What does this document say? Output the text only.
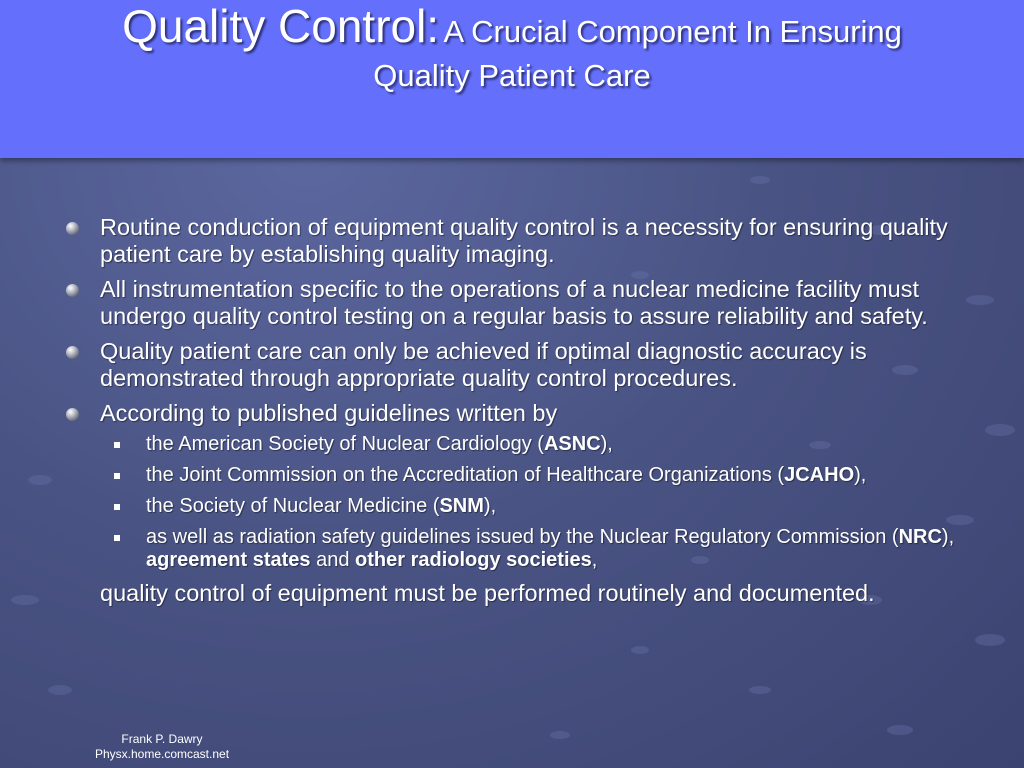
Quality Control: A Crucial Component In Ensuring
Quality Patient Care
Routine conduction of equipment quality control is a necessity for ensuring quality patient care by establishing quality imaging.
All instrumentation specific to the operations of a nuclear medicine facility must undergo quality control testing on a regular basis to assure reliability and safety.
Quality patient care can only be achieved if optimal diagnostic accuracy is demonstrated through appropriate quality control procedures.
According to published guidelines written by
the American Society of Nuclear Cardiology (ASNC),
the Joint Commission on the Accreditation of Healthcare Organizations (JCAHO),
the Society of Nuclear Medicine (SNM),
as well as radiation safety guidelines issued by the Nuclear Regulatory Commission (NRC), agreement states and other radiology societies,
quality control of equipment must be performed routinely and documented.
Frank P. Dawry
Physx.home.comcast.net
